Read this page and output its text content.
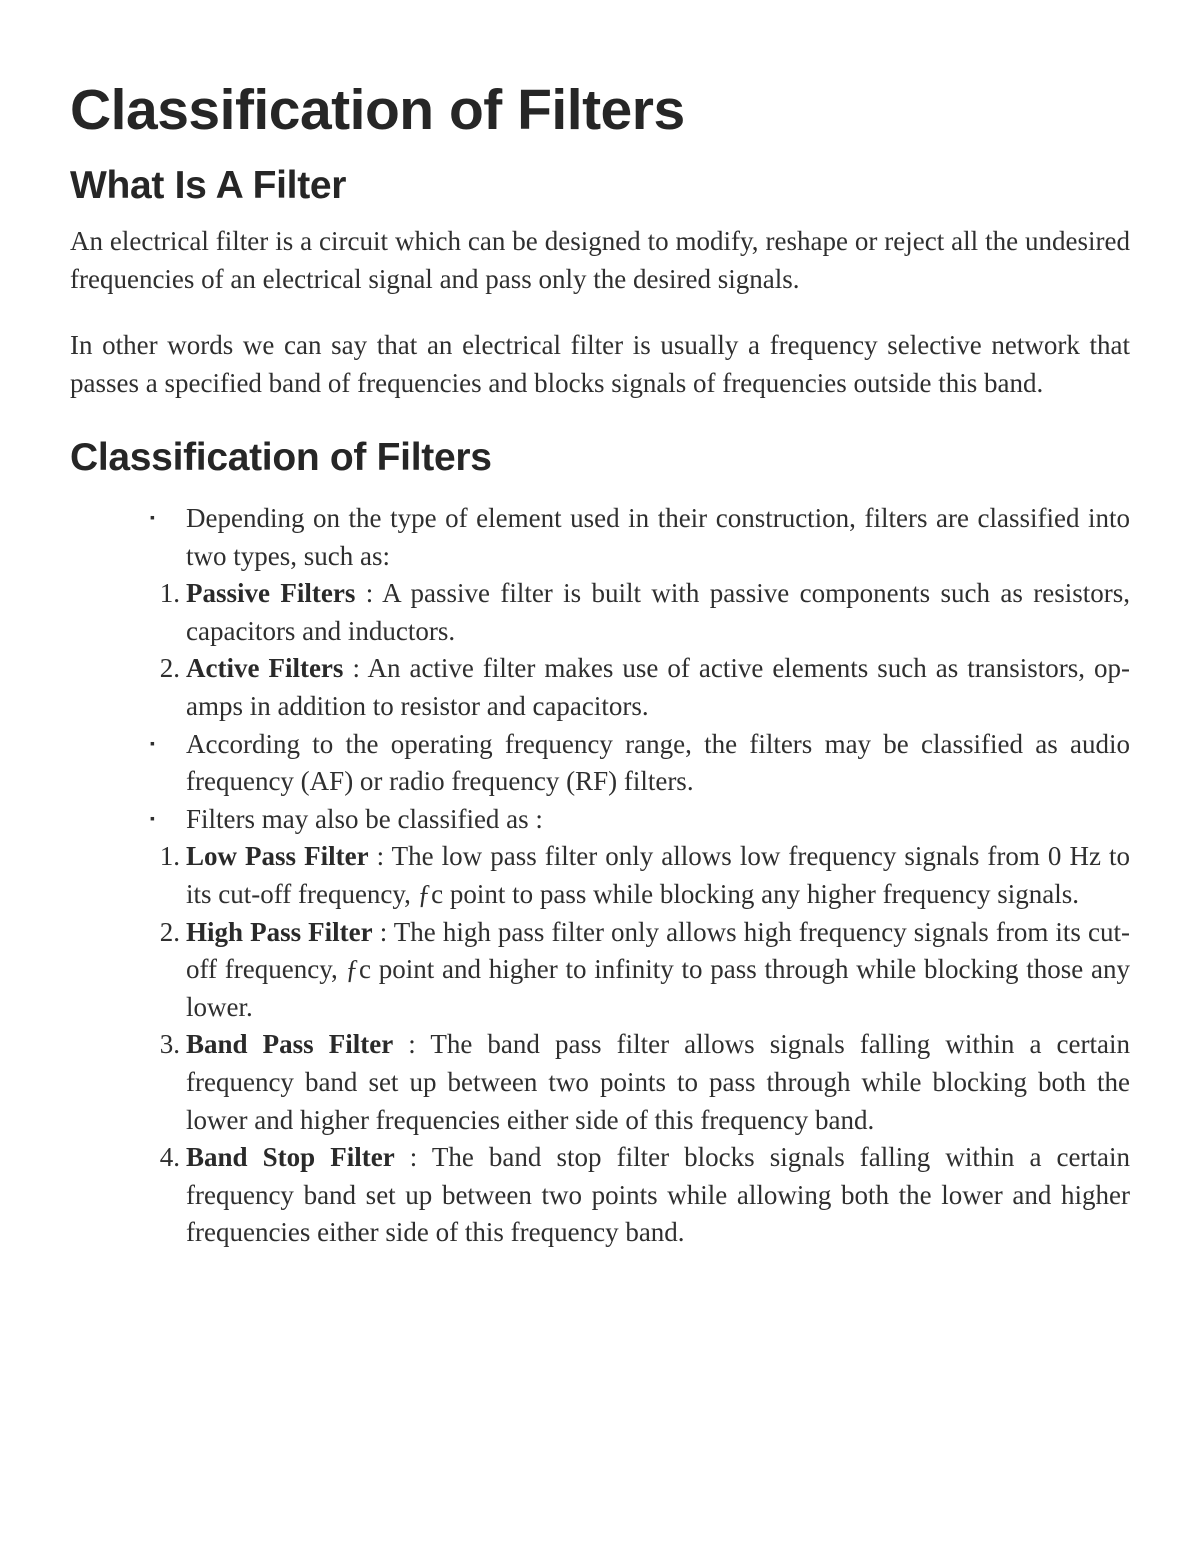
Classification of Filters
What Is A Filter

An electrical filter is a circuit which can be designed to modify, reshape or reject all the undesired frequencies of an electrical signal and pass only the desired signals.

In other words we can say that an electrical filter is usually a frequency selective network that passes a specified band of frequencies and blocks signals of frequencies outside this band.

Classification of Filters
▪ Depending on the type of element used in their construction, filters are classified into two types, such as:
1. Passive Filters : A passive filter is built with passive components such as resistors, capacitors and inductors.
2. Active Filters : An active filter makes use of active elements such as transistors, op-amps in addition to resistor and capacitors.
▪ According to the operating frequency range, the filters may be classified as audio frequency (AF) or radio frequency (RF) filters.
▪ Filters may also be classified as :
1. Low Pass Filter : The low pass filter only allows low frequency signals from 0 Hz to its cut-off frequency, ƒc point to pass while blocking any higher frequency signals.
2. High Pass Filter : The high pass filter only allows high frequency signals from its cut-off frequency, ƒc point and higher to infinity to pass through while blocking those any lower.
3. Band Pass Filter : The band pass filter allows signals falling within a certain frequency band set up between two points to pass through while blocking both the lower and higher frequencies either side of this frequency band.
4. Band Stop Filter : The band stop filter blocks signals falling within a certain frequency band set up between two points while allowing both the lower and higher frequencies either side of this frequency band.
